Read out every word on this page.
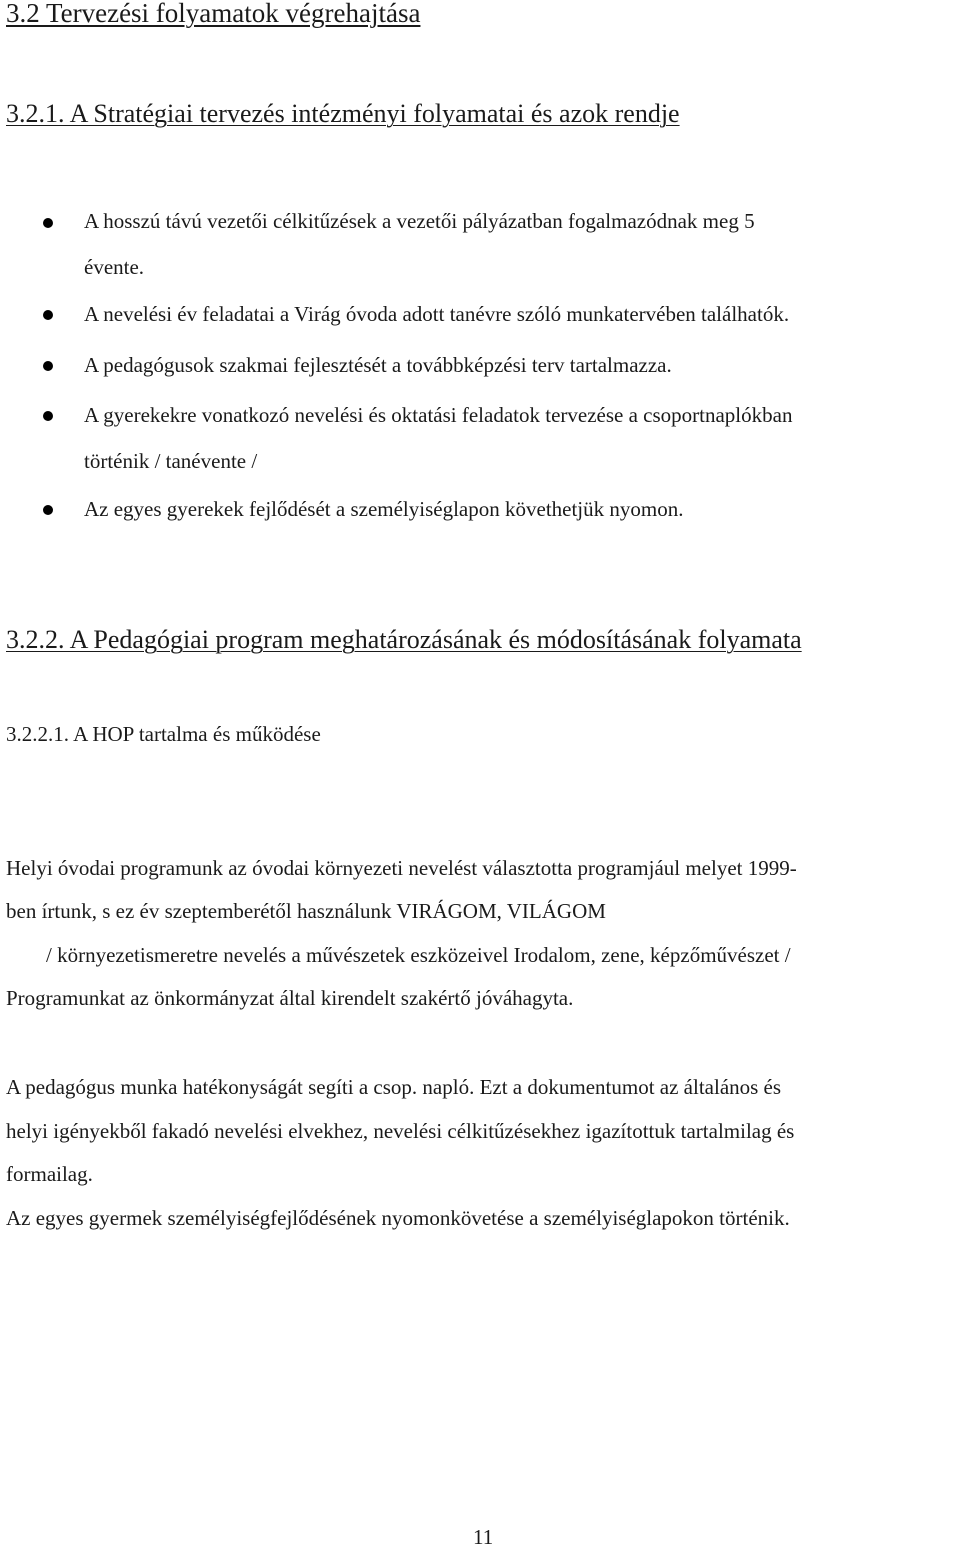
3.2 Tervezési folyamatok végrehajtása
3.2.1. A Stratégiai tervezés intézményi folyamatai és azok rendje
A hosszú távú vezetői célkitűzések a vezetői pályázatban fogalmazódnak meg 5
évente.
A nevelési év feladatai a Virág óvoda adott tanévre szóló munkatervében találhatók.
A pedagógusok szakmai fejlesztését a továbbképzési terv tartalmazza.
A gyerekekre vonatkozó nevelési és oktatási feladatok tervezése a csoportnaplókban
történik / tanévente /
Az egyes gyerekek fejlődését a személyiséglapon követhetjük nyomon.
3.2.2. A Pedagógiai program meghatározásának és módosításának folyamata
3.2.2.1. A HOP tartalma és működése
Helyi óvodai programunk az óvodai környezeti nevelést választotta programjául melyet 1999-
ben írtunk, s ez év szeptemberétől használunk VIRÁGOM, VILÁGOM
/ környezetismeretre nevelés a művészetek eszközeivel Irodalom, zene, képzőművészet /
Programunkat az önkormányzat által kirendelt szakértő jóváhagyta.
A pedagógus munka hatékonyságát segíti a csop. napló. Ezt a dokumentumot az általános és
helyi igényekből fakadó nevelési elvekhez, nevelési célkitűzésekhez igazítottuk tartalmilag és
formailag.
Az egyes gyermek személyiségfejlődésének nyomonkövetése a személyiséglapokon történik.
11
